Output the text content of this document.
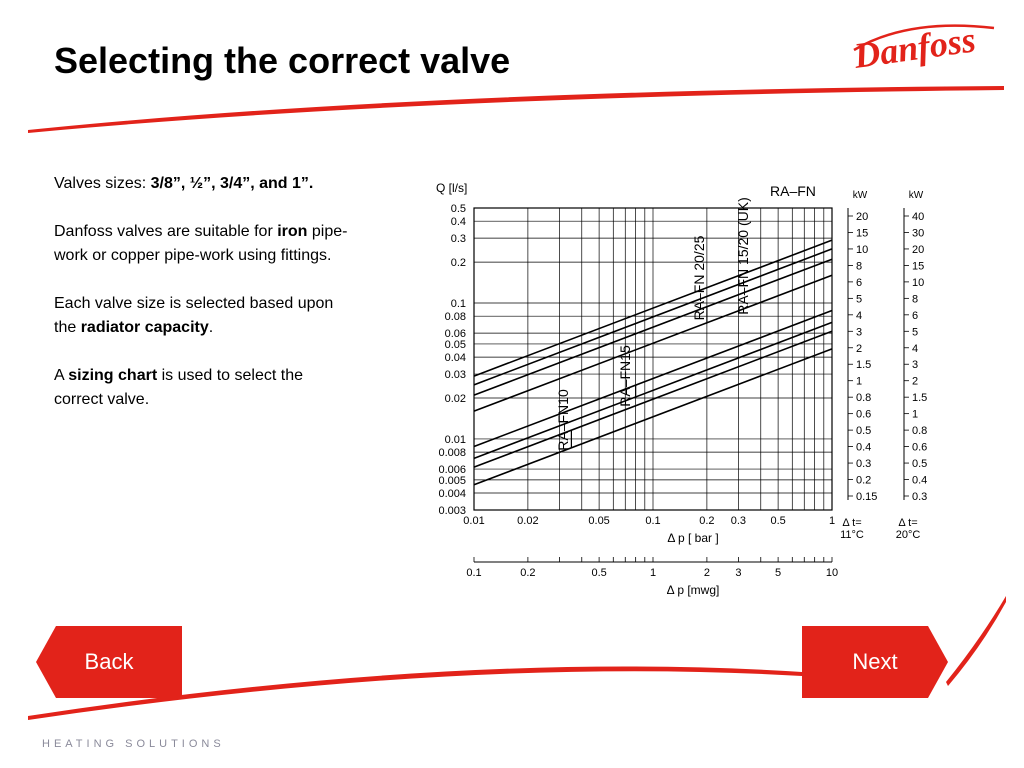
Selecting the correct valve	Danfoss

Valves sizes: 3/8”, ½”, 3/4”, and 1”.

Danfoss valves are suitable for iron pipe-
work or copper pipe-work using fittings.

Each valve size is selected based upon
the radiator capacity.

A sizing chart is used to select the
correct valve.

0.5
0.4
0.3
0.2
0.1
0.08
0.06
0.05
0.04
0.03
0.02
0.01
0.008
0.006
0.005
0.004
0.003
0.01	0.02	0.05	0.1	0.2 0.3 0.5	1
Δ p [ bar ]
0.1	0.2	0.5	1	2 3	5	10
Δ p [mwg]
Q [l/s]	RA–FN
RA–FN10
RA–FN15
RA–FN 20/25 RA–FN 15/20 (UK)
kW
20
15
10
8
6
5
4
3
2
1.5
1
0.8
0.6
0.5
0.4
0.3
0.2
0.15
Δ t=
11°C
kW
40
30
20
15
10
8
6
5
4
3
2
1.5
1
0.8
0.6
0.5
0.4
0.3
Δ t=
20°C
Back	Next
HEATING SOLUTIONS
